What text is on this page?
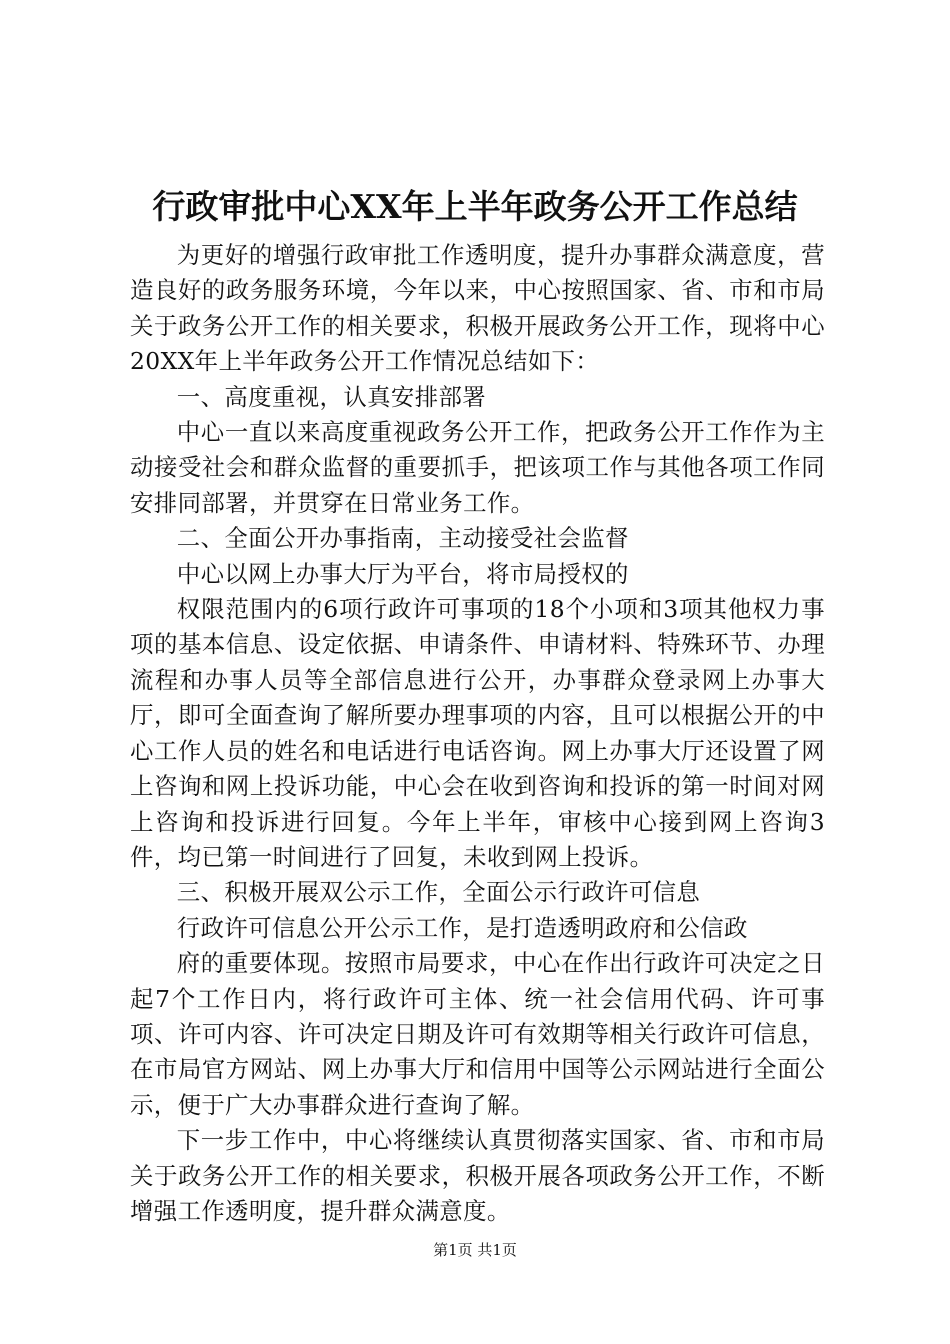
行政审批中心XX年上半年政务公开工作总结

为更好的增强行政审批工作透明度，提升办事群众满意度，营造良好的政务服务环境，今年以来，中心按照国家、省、市和市局关于政务公开工作的相关要求，积极开展政务公开工作，现将中心20XX年上半年政务公开工作情况总结如下：

一、高度重视，认真安排部署

中心一直以来高度重视政务公开工作，把政务公开工作作为主动接受社会和群众监督的重要抓手，把该项工作与其他各项工作同安排同部署，并贯穿在日常业务工作。

二、全面公开办事指南，主动接受社会监督

中心以网上办事大厅为平台，将市局授权的

权限范围内的6项行政许可事项的18个小项和3项其他权力事项的基本信息、设定依据、申请条件、申请材料、特殊环节、办理流程和办事人员等全部信息进行公开，办事群众登录网上办事大厅，即可全面查询了解所要办理事项的内容，且可以根据公开的中心工作人员的姓名和电话进行电话咨询。网上办事大厅还设置了网上咨询和网上投诉功能，中心会在收到咨询和投诉的第一时间对网上咨询和投诉进行回复。今年上半年，审核中心接到网上咨询3件，均已第一时间进行了回复，未收到网上投诉。

三、积极开展双公示工作，全面公示行政许可信息

行政许可信息公开公示工作，是打造透明政府和公信政

府的重要体现。按照市局要求，中心在作出行政许可决定之日起7个工作日内，将行政许可主体、统一社会信用代码、许可事项、许可内容、许可决定日期及许可有效期等相关行政许可信息，在市局官方网站、网上办事大厅和信用中国等公示网站进行全面公示，便于广大办事群众进行查询了解。

下一步工作中，中心将继续认真贯彻落实国家、省、市和市局关于政务公开工作的相关要求，积极开展各项政务公开工作，不断增强工作透明度，提升群众满意度。

第1页 共1页
